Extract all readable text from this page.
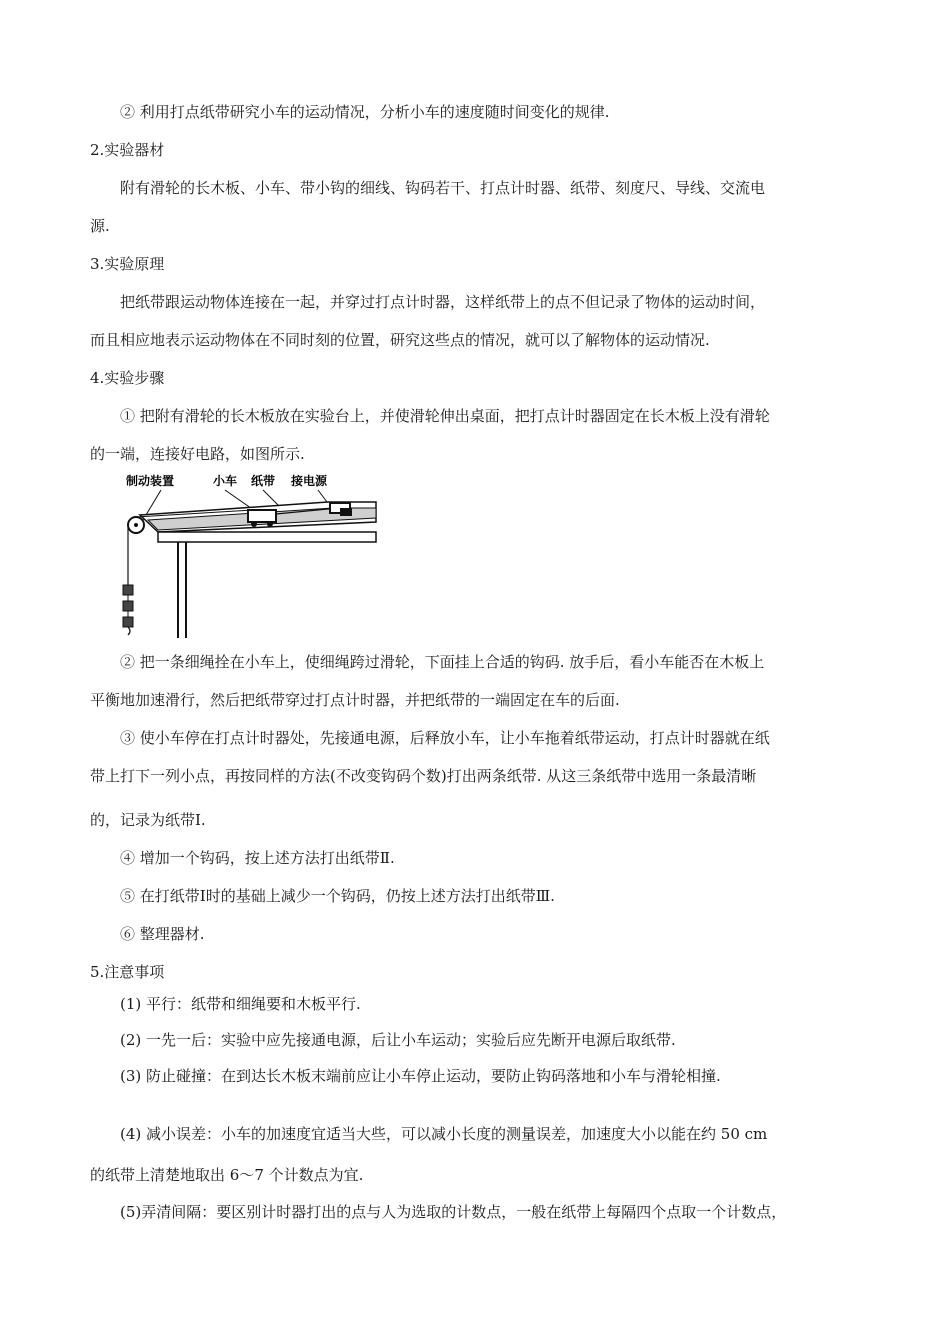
② 利用打点纸带研究小车的运动情况，分析小车的速度随时间变化的规律.
2.实验器材
附有滑轮的长木板、小车、带小钩的细线、钩码若干、打点计时器、纸带、刻度尺、导线、交流电
源.
3.实验原理
把纸带跟运动物体连接在一起，并穿过打点计时器，这样纸带上的点不但记录了物体的运动时间，
而且相应地表示运动物体在不同时刻的位置，研究这些点的情况，就可以了解物体的运动情况.
4.实验步骤
① 把附有滑轮的长木板放在实验台上，并使滑轮伸出桌面，把打点计时器固定在长木板上没有滑轮
的一端，连接好电路，如图所示.
制动装置	小车 纸带 接电源
② 把一条细绳拴在小车上，使细绳跨过滑轮，下面挂上合适的钩码. 放手后，看小车能否在木板上
平衡地加速滑行，然后把纸带穿过打点计时器，并把纸带的一端固定在车的后面.
③ 使小车停在打点计时器处，先接通电源，后释放小车，让小车拖着纸带运动，打点计时器就在纸
带上打下一列小点，再按同样的方法(不改变钩码个数)打出两条纸带. 从这三条纸带中选用一条最清晰
的，记录为纸带Ⅰ.
④ 增加一个钩码，按上述方法打出纸带Ⅱ.
⑤ 在打纸带Ⅰ时的基础上减少一个钩码，仍按上述方法打出纸带Ⅲ.
⑥ 整理器材.
5.注意事项
(1) 平行：纸带和细绳要和木板平行.
(2) 一先一后：实验中应先接通电源，后让小车运动；实验后应先断开电源后取纸带.
(3) 防止碰撞：在到达长木板末端前应让小车停止运动，要防止钩码落地和小车与滑轮相撞.
(4) 减小误差：小车的加速度宜适当大些，可以减小长度的测量误差，加速度大小以能在约 50 cm
的纸带上清楚地取出 6～7 个计数点为宜.
(5)弄清间隔：要区别计时器打出的点与人为选取的计数点，一般在纸带上每隔四个点取一个计数点，
